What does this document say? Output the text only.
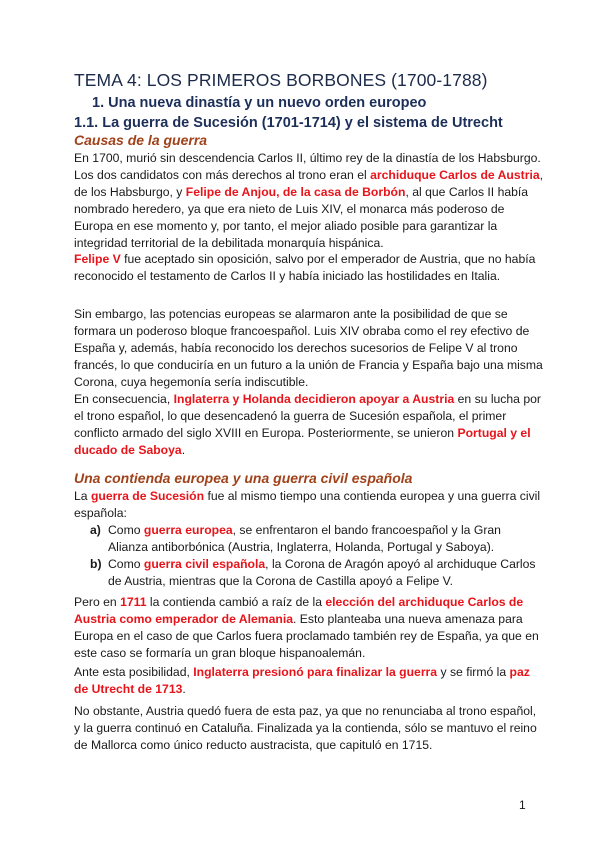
TEMA 4: LOS PRIMEROS BORBONES (1700-1788)
1. Una nueva dinastía y un nuevo orden europeo
1.1. La guerra de Sucesión (1701-1714) y el sistema de Utrecht
Causas de la guerra

En 1700, murió sin descendencia Carlos II, último rey de la dinastía de los Habsburgo. Los dos candidatos con más derechos al trono eran el archiduque Carlos de Austria, de los Habsburgo, y Felipe de Anjou, de la casa de Borbón, al que Carlos II había nombrado heredero, ya que era nieto de Luis XIV, el monarca más poderoso de Europa en ese momento y, por tanto, el mejor aliado posible para garantizar la integridad territorial de la debilitada monarquía hispánica.

Felipe V fue aceptado sin oposición, salvo por el emperador de Austria, que no había reconocido el testamento de Carlos II y había iniciado las hostilidades en Italia.

Sin embargo, las potencias europeas se alarmaron ante la posibilidad de que se formara un poderoso bloque francoespañol. Luis XIV obraba como el rey efectivo de España y, además, había reconocido los derechos sucesorios de Felipe V al trono francés, lo que conduciría en un futuro a la unión de Francia y España bajo una misma Corona, cuya hegemonía sería indiscutible.

En consecuencia, Inglaterra y Holanda decidieron apoyar a Austria en su lucha por el trono español, lo que desencadenó la guerra de Sucesión española, el primer conflicto armado del siglo XVIII en Europa. Posteriormente, se unieron Portugal y el ducado de Saboya.

Una contienda europea y una guerra civil española

La guerra de Sucesión fue al mismo tiempo una contienda europea y una guerra civil española:

a) Como guerra europea, se enfrentaron el bando francoespañol y la Gran Alianza antiborbónica (Austria, Inglaterra, Holanda, Portugal y Saboya).
b) Como guerra civil española, la Corona de Aragón apoyó al archiduque Carlos de Austria, mientras que la Corona de Castilla apoyó a Felipe V.

Pero en 1711 la contienda cambió a raíz de la elección del archiduque Carlos de Austria como emperador de Alemania. Esto planteaba una nueva amenaza para Europa en el caso de que Carlos fuera proclamado también rey de España, ya que en este caso se formaría un gran bloque hispanoalemán.

Ante esta posibilidad, Inglaterra presionó para finalizar la guerra y se firmó la paz de Utrecht de 1713.

No obstante, Austria quedó fuera de esta paz, ya que no renunciaba al trono español, y la guerra continuó en Cataluña. Finalizada ya la contienda, sólo se mantuvo el reino de Mallorca como único reducto austracista, que capituló en 1715.

1
